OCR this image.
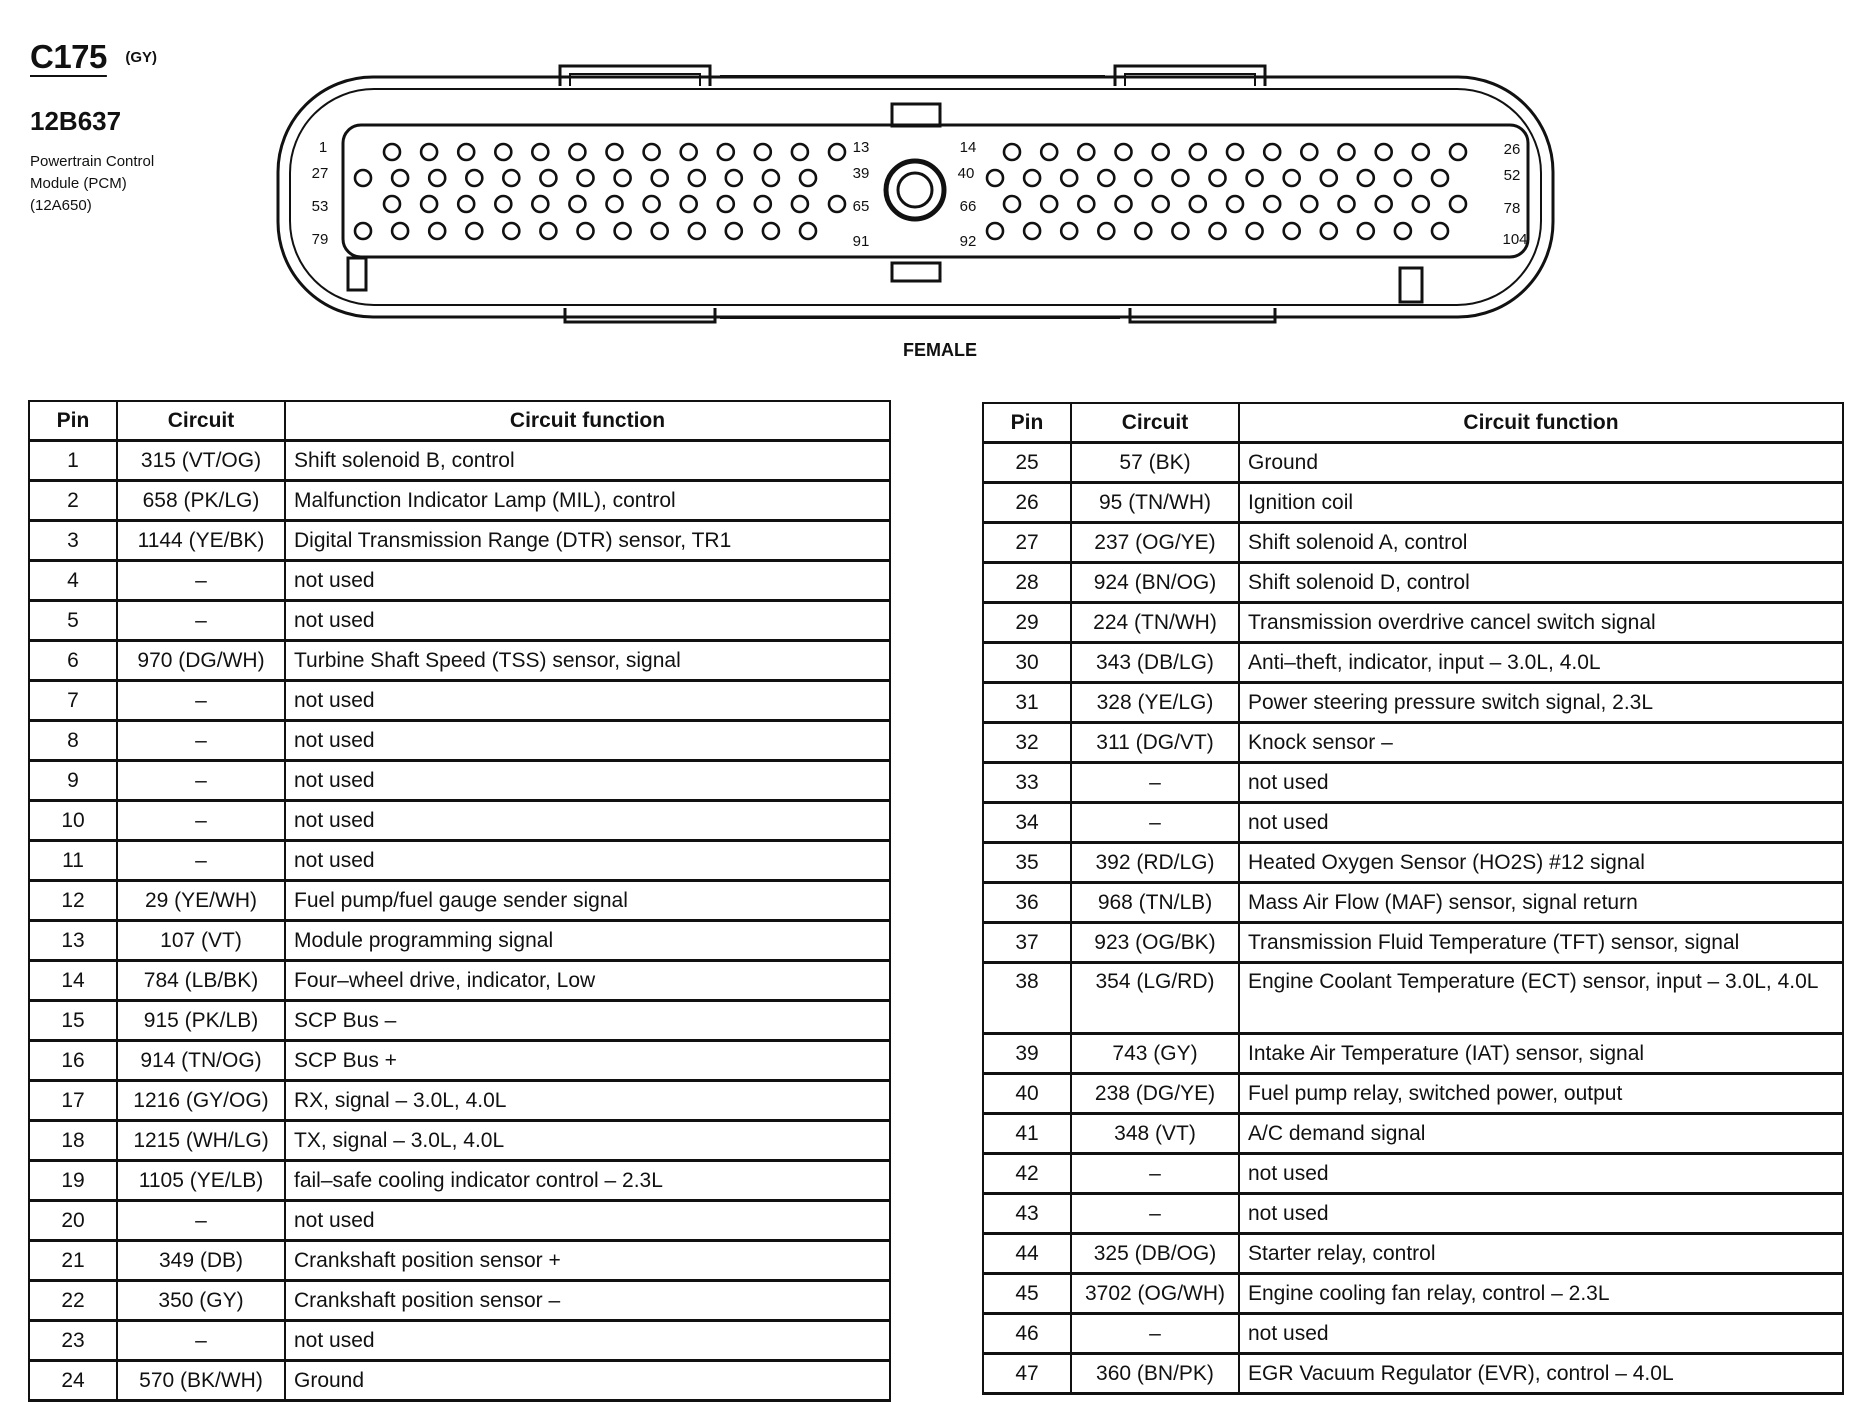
C175 (GY)
12B637
Powertrain Control
Module (PCM)
(12A650)
1
27
53
79
13
39
65
91
14
40
66
92
26
52
78
104
FEMALE
Pin	Circuit	Circuit function
1	315 (VT/OG)	Shift solenoid B, control
2	658 (PK/LG)	Malfunction Indicator Lamp (MIL), control
3	1144 (YE/BK)	Digital Transmission Range (DTR) sensor, TR1
4	–	not used
5	–	not used
6	970 (DG/WH)	Turbine Shaft Speed (TSS) sensor, signal
7	–	not used
8	–	not used
9	–	not used
10	–	not used
11	–	not used
12	29 (YE/WH)	Fuel pump/fuel gauge sender signal
13	107 (VT)	Module programming signal
14	784 (LB/BK)	Four–wheel drive, indicator, Low
15	915 (PK/LB)	SCP Bus –
16	914 (TN/OG)	SCP Bus +
17	1216 (GY/OG)	RX, signal – 3.0L, 4.0L
18	1215 (WH/LG)	TX, signal – 3.0L, 4.0L
19	1105 (YE/LB)	fail–safe cooling indicator control – 2.3L
20	–	not used
21	349 (DB)	Crankshaft position sensor +
22	350 (GY)	Crankshaft position sensor –
23	–	not used
24	570 (BK/WH)	Ground
Pin	Circuit	Circuit function
25	57 (BK)	Ground
26	95 (TN/WH)	Ignition coil
27	237 (OG/YE)	Shift solenoid A, control
28	924 (BN/OG)	Shift solenoid D, control
29	224 (TN/WH)	Transmission overdrive cancel switch signal
30	343 (DB/LG)	Anti–theft, indicator, input – 3.0L, 4.0L
31	328 (YE/LG)	Power steering pressure switch signal, 2.3L
32	311 (DG/VT)	Knock sensor –
33	–	not used
34	–	not used
35	392 (RD/LG)	Heated Oxygen Sensor (HO2S) #12 signal
36	968 (TN/LB)	Mass Air Flow (MAF) sensor, signal return
37	923 (OG/BK)	Transmission Fluid Temperature (TFT) sensor, signal
38	354 (LG/RD)	Engine Coolant Temperature (ECT) sensor, input – 3.0L, 4.0L
39	743 (GY)	Intake Air Temperature (IAT) sensor, signal
40	238 (DG/YE)	Fuel pump relay, switched power, output
41	348 (VT)	A/C demand signal
42	–	not used
43	–	not used
44	325 (DB/OG)	Starter relay, control
45	3702 (OG/WH)	Engine cooling fan relay, control – 2.3L
46	–	not used
47	360 (BN/PK)	EGR Vacuum Regulator (EVR), control – 4.0L
